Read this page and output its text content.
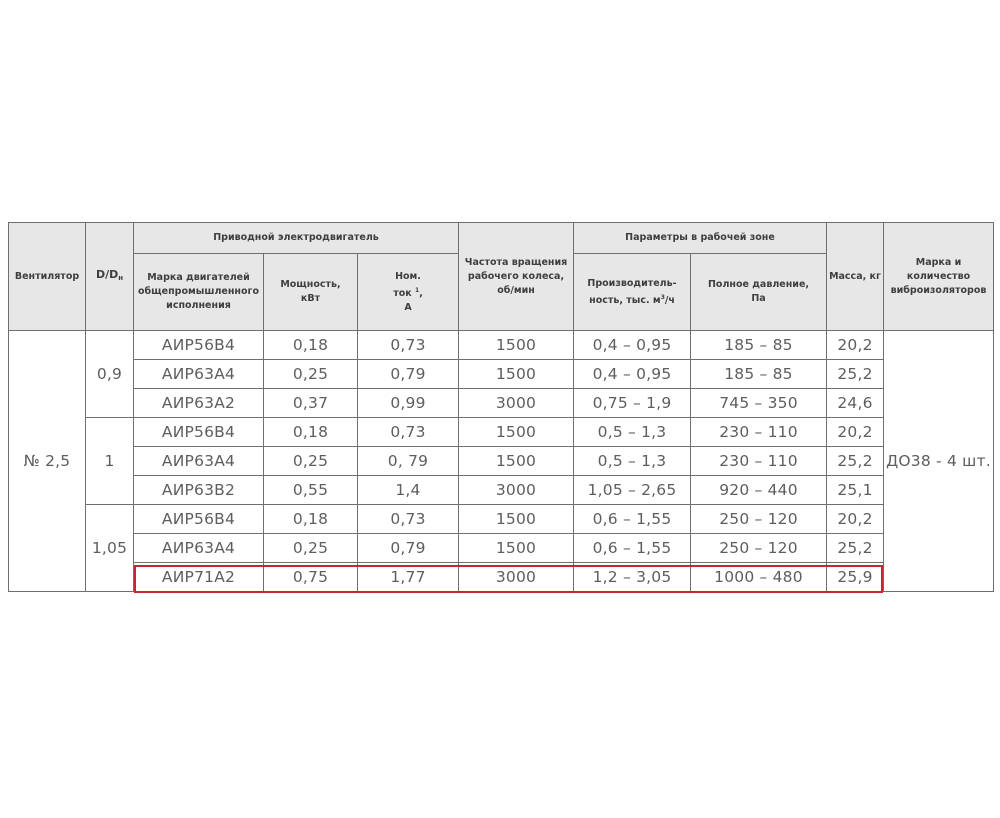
Вентилятор	$D/D_н$	Приводной электродвигатель			Частота вращения рабочего колеса, об/мин	Параметры в рабочей зоне		Масса, кг	Марка и количество виброизоляторов
		Марка двигателей общепромышленного исполнения	Мощность, кВт	Ном. ток $^1$, А		Производитель-ность, тыс. $м^3/ч$	Полное давление, Па		
№ 2,5	0,9	АИР56В4	0,18	0,73	1500	0,4 – 0,95	185 – 85	20,2	ДО38 - 4 шт.
		АИР63А4	0,25	0,79	1500	0,4 – 0,95	185 – 85	25,2	
		АИР63А2	0,37	0,99	3000	0,75 – 1,9	745 – 350	24,6	
	1	АИР56В4	0,18	0,73	1500	0,5 – 1,3	230 – 110	20,2	
		АИР63А4	0,25	0, 79	1500	0,5 – 1,3	230 – 110	25,2	
		АИР63В2	0,55	1,4	3000	1,05 – 2,65	920 – 440	25,1	
	1,05	АИР56В4	0,18	0,73	1500	0,6 – 1,55	250 – 120	20,2	
		АИР63А4	0,25	0,79	1500	0,6 – 1,55	250 – 120	25,2	
		АИР71А2	0,75	1,77	3000	1,2 – 3,05	1000 – 480	25,9	
